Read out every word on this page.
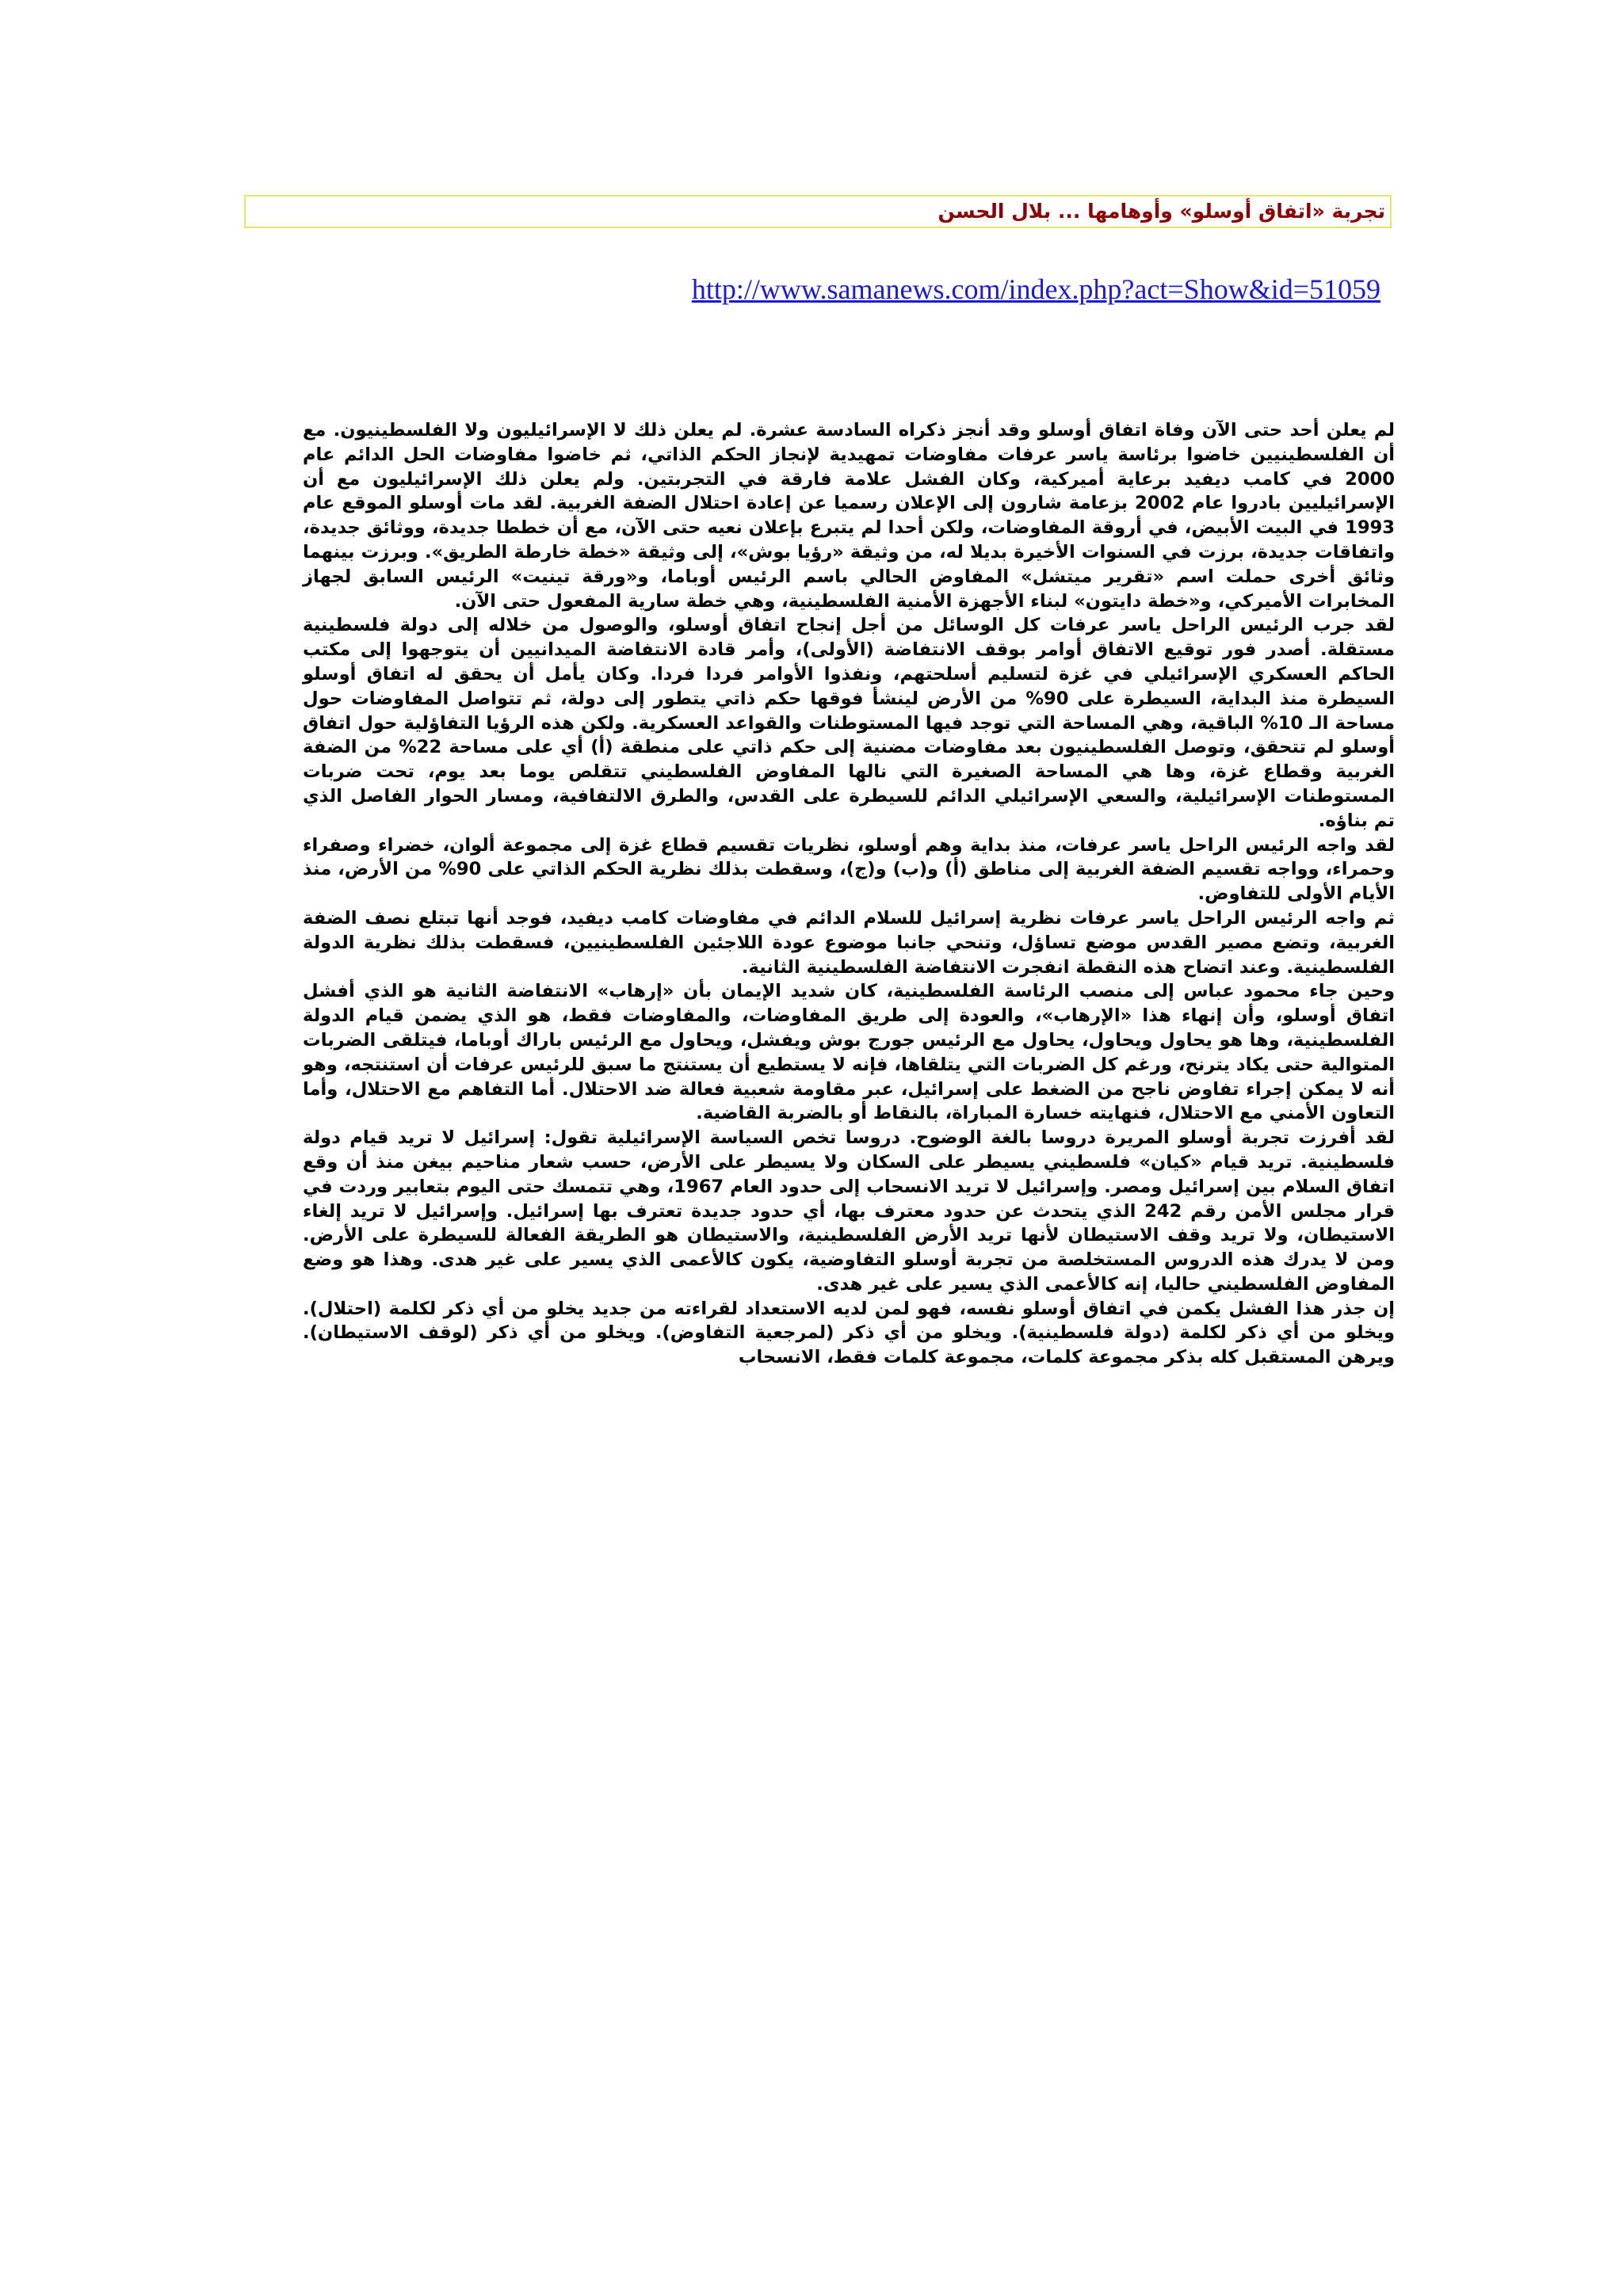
تجربة «اتفاق أوسلو» وأوهامها ... بلال الحسن
http://www.samanews.com/index.php?act=Show&id=51059

لم يعلن أحد حتى الآن وفاة اتفاق أوسلو وقد أنجز ذكراه السادسة عشرة. لم يعلن ذلك لا الإسرائيليون ولا الفلسطينيون. مع أن الفلسطينيين خاضوا برئاسة ياسر عرفات مفاوضات تمهيدية لإنجاز الحكم الذاتي، ثم خاضوا مفاوضات الحل الدائم عام 2000 في كامب ديفيد برعاية أميركية، وكان الفشل علامة فارقة في التجربتين. ولم يعلن ذلك الإسرائيليون مع أن الإسرائيليين بادروا عام 2002 بزعامة شارون إلى الإعلان رسميا عن إعادة احتلال الضفة الغربية. لقد مات أوسلو الموقع عام 1993 في البيت الأبيض، في أروقة المفاوضات، ولكن أحدا لم يتبرع بإعلان نعيه حتى الآن، مع أن خططا جديدة، ووثائق جديدة، واتفاقات جديدة، برزت في السنوات الأخيرة بديلا له، من وثيقة «رؤيا بوش»، إلى وثيقة «خطة خارطة الطريق». وبرزت بينهما وثائق أخرى حملت اسم «تقرير ميتشل» المفاوض الحالي باسم الرئيس أوباما، و«ورقة تينيت» الرئيس السابق لجهاز المخابرات الأميركي، و«خطة دايتون» لبناء الأجهزة الأمنية الفلسطينية، وهي خطة سارية المفعول حتى الآن.

لقد جرب الرئيس الراحل ياسر عرفات كل الوسائل من أجل إنجاح اتفاق أوسلو، والوصول من خلاله إلى دولة فلسطينية مستقلة. أصدر فور توقيع الاتفاق أوامر بوقف الانتفاضة (الأولى)، وأمر قادة الانتفاضة الميدانيين أن يتوجهوا إلى مكتب الحاكم العسكري الإسرائيلي في غزة لتسليم أسلحتهم، ونفذوا الأوامر فردا فردا. وكان يأمل أن يحقق له اتفاق أوسلو السيطرة منذ البداية، السيطرة على 90% من الأرض لينشأ فوقها حكم ذاتي يتطور إلى دولة، ثم تتواصل المفاوضات حول مساحة الـ 10% الباقية، وهي المساحة التي توجد فيها المستوطنات والقواعد العسكرية. ولكن هذه الرؤيا التفاؤلية حول اتفاق أوسلو لم تتحقق، وتوصل الفلسطينيون بعد مفاوضات مضنية إلى حكم ذاتي على منطقة (أ) أي على مساحة 22% من الضفة الغربية وقطاع غزة، وها هي المساحة الصغيرة التي نالها المفاوض الفلسطيني تتقلص يوما بعد يوم، تحت ضربات المستوطنات الإسرائيلية، والسعي الإسرائيلي الدائم للسيطرة على القدس، والطرق الالتفافية، ومسار الحوار الفاصل الذي تم بناؤه.

لقد واجه الرئيس الراحل ياسر عرفات، منذ بداية وهم أوسلو، نظريات تقسيم قطاع غزة إلى مجموعة ألوان، خضراء وصفراء وحمراء، وواجه تقسيم الضفة الغربية إلى مناطق (أ) و(ب) و(ج)، وسقطت بذلك نظرية الحكم الذاتي على 90% من الأرض، منذ الأيام الأولى للتفاوض.

ثم واجه الرئيس الراحل ياسر عرفات نظرية إسرائيل للسلام الدائم في مفاوضات كامب ديفيد، فوجد أنها تبتلع نصف الضفة الغربية، وتضع مصير القدس موضع تساؤل، وتنحي جانبا موضوع عودة اللاجئين الفلسطينيين، فسقطت بذلك نظرية الدولة الفلسطينية. وعند اتضاح هذه النقطة انفجرت الانتفاضة الفلسطينية الثانية.

وحين جاء محمود عباس إلى منصب الرئاسة الفلسطينية، كان شديد الإيمان بأن «إرهاب» الانتفاضة الثانية هو الذي أفشل اتفاق أوسلو، وأن إنهاء هذا «الإرهاب»، والعودة إلى طريق المفاوضات، والمفاوضات فقط، هو الذي يضمن قيام الدولة الفلسطينية، وها هو يحاول ويحاول، يحاول مع الرئيس جورج بوش ويفشل، ويحاول مع الرئيس باراك أوباما، فيتلقى الضربات المتوالية حتى يكاد يترنح، ورغم كل الضربات التي يتلقاها، فإنه لا يستطيع أن يستنتج ما سبق للرئيس عرفات أن استنتجه، وهو أنه لا يمكن إجراء تفاوض ناجح من الضغط على إسرائيل، عبر مقاومة شعبية فعالة ضد الاحتلال. أما التفاهم مع الاحتلال، وأما التعاون الأمني مع الاحتلال، فنهايته خسارة المباراة، بالنقاط أو بالضربة القاضية.

لقد أفرزت تجربة أوسلو المريرة دروسا بالغة الوضوح. دروسا تخص السياسة الإسرائيلية تقول: إسرائيل لا تريد قيام دولة فلسطينية. تريد قيام «كيان» فلسطيني يسيطر على السكان ولا يسيطر على الأرض، حسب شعار مناحيم بيغن منذ أن وقع اتفاق السلام بين إسرائيل ومصر. وإسرائيل لا تريد الانسحاب إلى حدود العام 1967، وهي تتمسك حتى اليوم بتعابير وردت في قرار مجلس الأمن رقم 242 الذي يتحدث عن حدود معترف بها، أي حدود جديدة تعترف بها إسرائيل. وإسرائيل لا تريد إلغاء الاستيطان، ولا تريد وقف الاستيطان لأنها تريد الأرض الفلسطينية، والاستيطان هو الطريقة الفعالة للسيطرة على الأرض. ومن لا يدرك هذه الدروس المستخلصة من تجربة أوسلو التفاوضية، يكون كالأعمى الذي يسير على غير هدى. وهذا هو وضع المفاوض الفلسطيني حاليا، إنه كالأعمى الذي يسير على غير هدى.

إن جذر هذا الفشل يكمن في اتفاق أوسلو نفسه، فهو لمن لديه الاستعداد لقراءته من جديد يخلو من أي ذكر لكلمة (احتلال). ويخلو من أي ذكر لكلمة (دولة فلسطينية). ويخلو من أي ذكر (لمرجعية التفاوض). ويخلو من أي ذكر (لوقف الاستيطان). ويرهن المستقبل كله بذكر مجموعة كلمات، مجموعة كلمات فقط، الانسحاب
